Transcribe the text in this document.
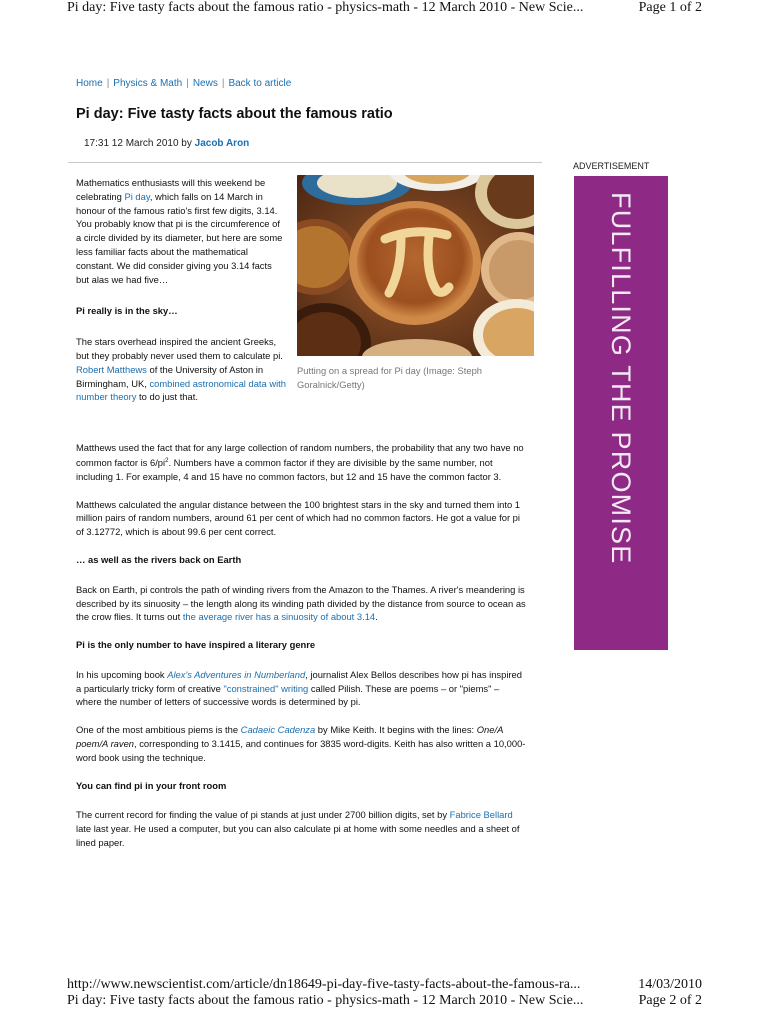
Pi day: Five tasty facts about the famous ratio - physics-math - 12 March 2010 - New Scie...	Page 1 of 2
Home | Physics & Math | News | Back to article
Pi day: Five tasty facts about the famous ratio
17:31 12 March 2010 by Jacob Aron

Mathematics enthusiasts will this weekend be celebrating Pi day, which falls on 14 March in honour of the famous ratio's first few digits, 3.14. You probably know that pi is the circumference of a circle divided by its diameter, but here are some less familiar facts about the mathematical constant. We did consider giving you 3.14 facts but alas we had five…

Pi really is in the sky…

The stars overhead inspired the ancient Greeks, but they probably never used them to calculate pi. Robert Matthews of the University of Aston in Birmingham, UK, combined astronomical data with number theory to do just that.

Putting on a spread for Pi day (Image: Steph Goralnick/Getty)

Matthews used the fact that for any large collection of random numbers, the probability that any two have no common factor is $6/pi^2$. Numbers have a common factor if they are divisible by the same number, not including 1. For example, 4 and 15 have no common factors, but 12 and 15 have the common factor 3.

Matthews calculated the angular distance between the 100 brightest stars in the sky and turned them into 1 million pairs of random numbers, around 61 per cent of which had no common factors. He got a value for pi of 3.12772, which is about 99.6 per cent correct.

… as well as the rivers back on Earth

Back on Earth, pi controls the path of winding rivers from the Amazon to the Thames. A river's meandering is described by its sinuosity – the length along its winding path divided by the distance from source to ocean as the crow flies. It turns out the average river has a sinuosity of about 3.14.

Pi is the only number to have inspired a literary genre

In his upcoming book Alex's Adventures in Numberland, journalist Alex Bellos describes how pi has inspired a particularly tricky form of creative "constrained" writing called Pilish. These are poems – or "piems" – where the number of letters of successive words is determined by pi.

One of the most ambitious piems is the Cadaeic Cadenza by Mike Keith. It begins with the lines: One/A poem/A raven, corresponding to 3.1415, and continues for 3835 word-digits. Keith has also written a 10,000-word book using the technique.

You can find pi in your front room

The current record for finding the value of pi stands at just under 2700 billion digits, set by Fabrice Bellard late last year. He used a computer, but you can also calculate pi at home with some needles and a sheet of lined paper.

ADVERTISEMENT
FULFILLING THE PROMISE
http://www.newscientist.com/article/dn18649-pi-day-five-tasty-facts-about-the-famous-ra...	14/03/2010
Pi day: Five tasty facts about the famous ratio - physics-math - 12 March 2010 - New Scie...	Page 2 of 2
